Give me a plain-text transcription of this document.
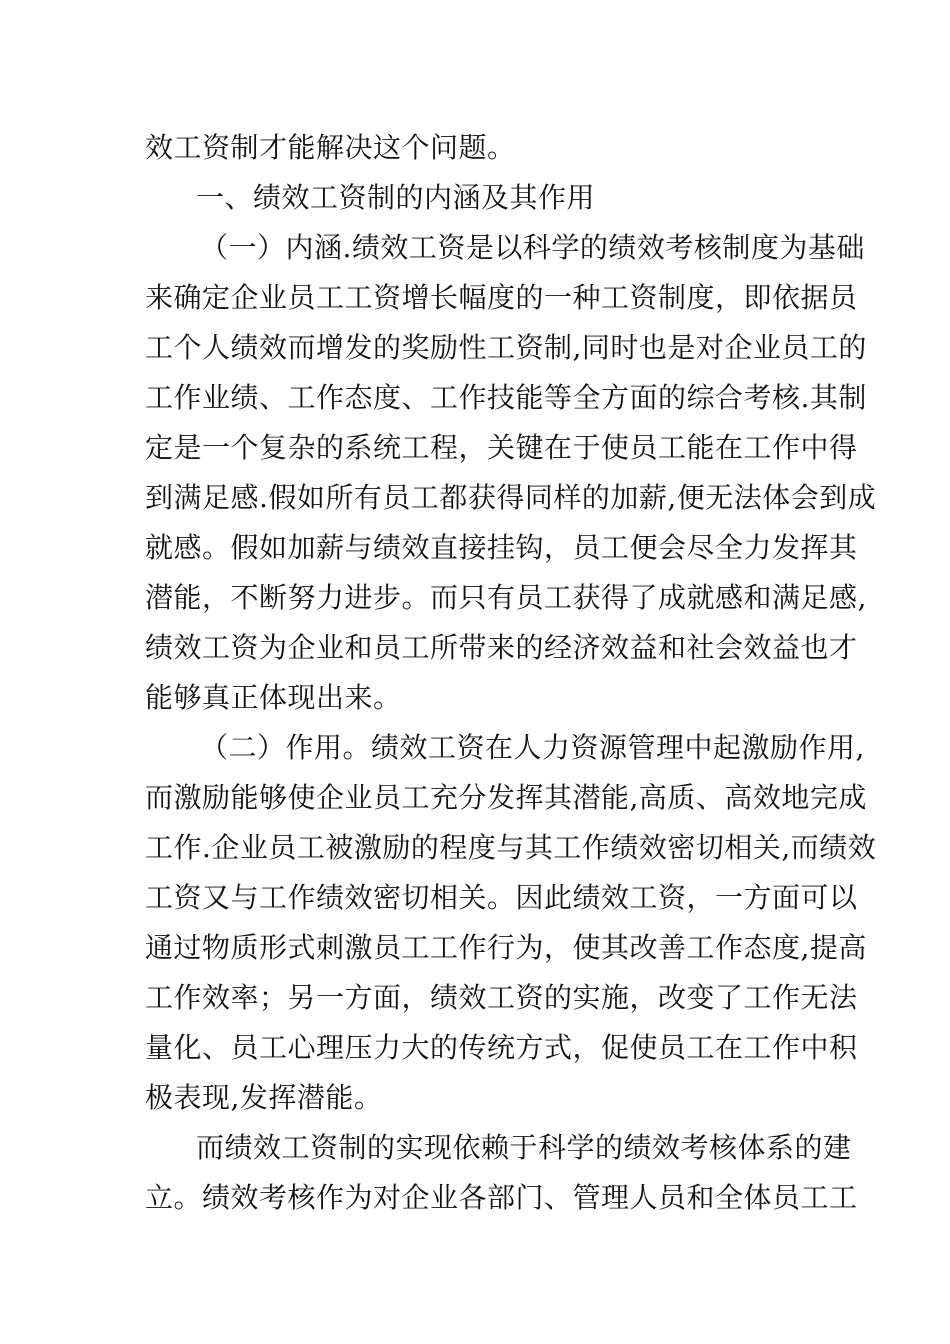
效工资制才能解决这个问题。
一、绩效工资制的内涵及其作用
（一）内涵.绩效工资是以科学的绩效考核制度为基础
来确定企业员工工资增长幅度的一种工资制度，即依据员
工个人绩效而增发的奖励性工资制,同时也是对企业员工的
工作业绩、工作态度、工作技能等全方面的综合考核.其制
定是一个复杂的系统工程，关键在于使员工能在工作中得
到满足感.假如所有员工都获得同样的加薪,便无法体会到成
就感。假如加薪与绩效直接挂钩，员工便会尽全力发挥其
潜能，不断努力进步。而只有员工获得了成就感和满足感,
绩效工资为企业和员工所带来的经济效益和社会效益也才
能够真正体现出来。
（二）作用。绩效工资在人力资源管理中起激励作用,
而激励能够使企业员工充分发挥其潜能,高质、高效地完成
工作.企业员工被激励的程度与其工作绩效密切相关,而绩效
工资又与工作绩效密切相关。因此绩效工资，一方面可以
通过物质形式刺激员工工作行为，使其改善工作态度,提高
工作效率；另一方面，绩效工资的实施，改变了工作无法
量化、员工心理压力大的传统方式，促使员工在工作中积
极表现,发挥潜能。
而绩效工资制的实现依赖于科学的绩效考核体系的建
立。绩效考核作为对企业各部门、管理人员和全体员工工
